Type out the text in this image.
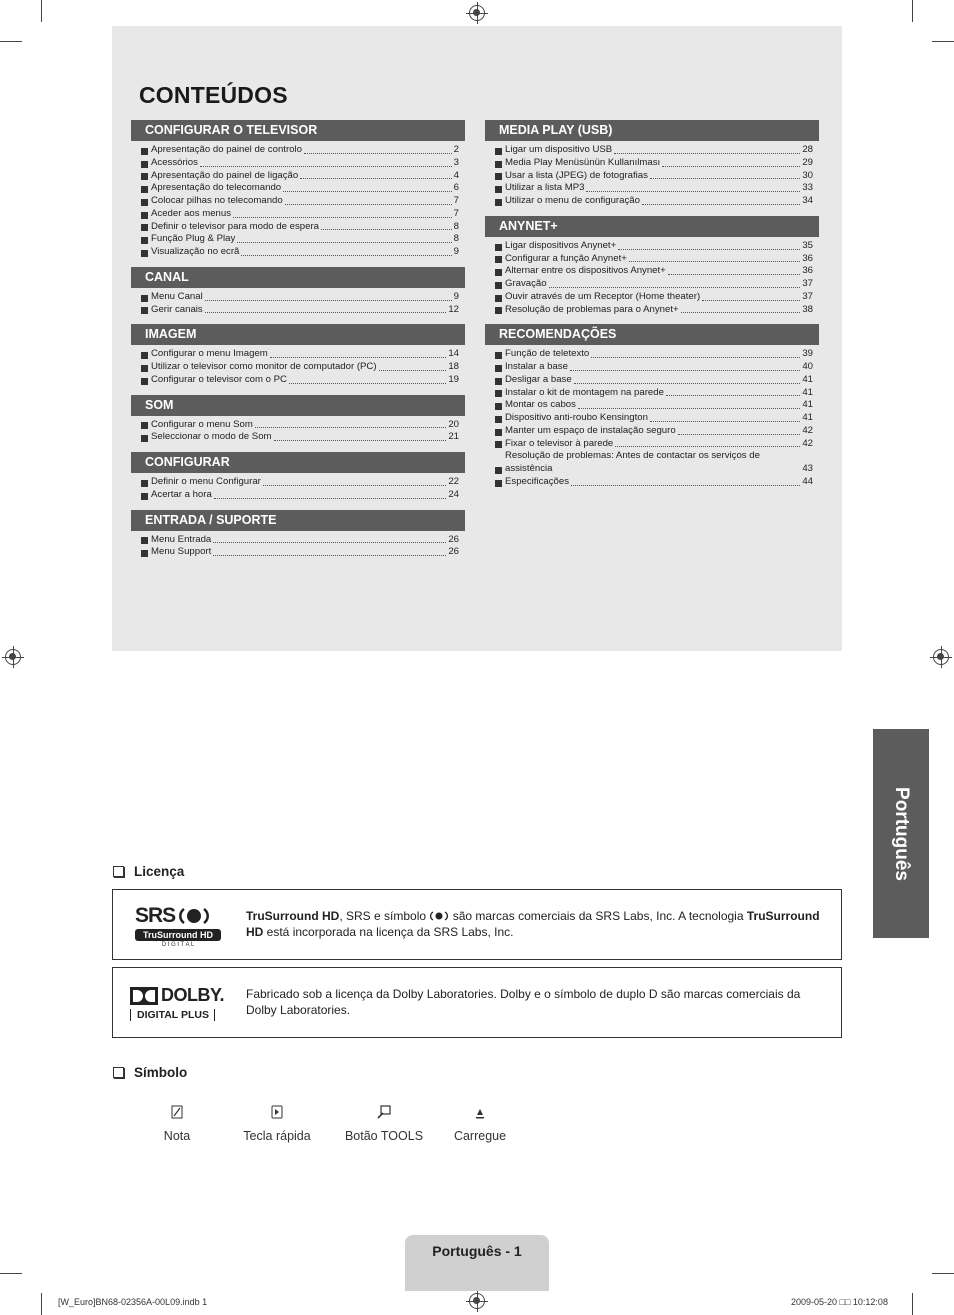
CONTEÚDOS
CONFIGURAR O TELEVISOR
Apresentação do painel de controlo	2
Acessórios	3
Apresentação do painel de ligação	4
Apresentação do telecomando	6
Colocar pilhas no telecomando	7
Aceder aos menus	7
Definir o televisor para modo de espera	8
Função Plug & Play	8
Visualização no ecrã	9
CANAL
Menu Canal	9
Gerir canais	12
IMAGEM
Configurar o menu Imagem	14
Utilizar o televisor como monitor de computador (PC)	18
Configurar o televisor com o PC	19
SOM
Configurar o menu Som	20
Seleccionar o modo de Som	21
CONFIGURAR
Definir o menu Configurar	22
Acertar a hora	24
ENTRADA / SUPORTE
Menu Entrada	26
Menu Support	26
MEDIA PLAY (USB)
Ligar um dispositivo USB	28
Media Play Menüsünün Kullanılması	29
Usar a lista (JPEG) de fotografias	30
Utilizar a lista MP3	33
Utilizar o menu de configuração	34
ANYNET+
Ligar dispositivos Anynet+	35
Configurar a função Anynet+	36
Alternar entre os dispositivos Anynet+	36
Gravação	37
Ouvir através de um Receptor (Home theater)	37
Resolução de problemas para o Anynet+	38
RECOMENDAÇÕES
Função de teletexto	39
Instalar a base	40
Desligar a base	41
Instalar o kit de montagem na parede	41
Montar os cabos	41
Dispositivo anti-roubo Kensington	41
Manter um espaço de instalação seguro	42
Fixar o televisor à parede	42
Resolução de problemas: Antes de contactar os serviços de assistência	43
Especificações	44
Português
Licença
SRS
TruSurround HD
D I G I T A L
TruSurround HD, SRS e símbolo  são marcas comerciais da SRS Labs, Inc. A tecnologia TruSurround HD está incorporada na licença da SRS Labs, Inc.
DOLBY.
DIGITAL PLUS
Fabricado sob a licença da Dolby Laboratories. Dolby e o símbolo de duplo D são marcas comerciais da Dolby Laboratories.
Símbolo
Nota	Tecla rápida	Botão TOOLS	Carregue
Português - 1
[W_Euro]BN68-02356A-00L09.indb 1	2009-05-20 □□ 10:12:08
